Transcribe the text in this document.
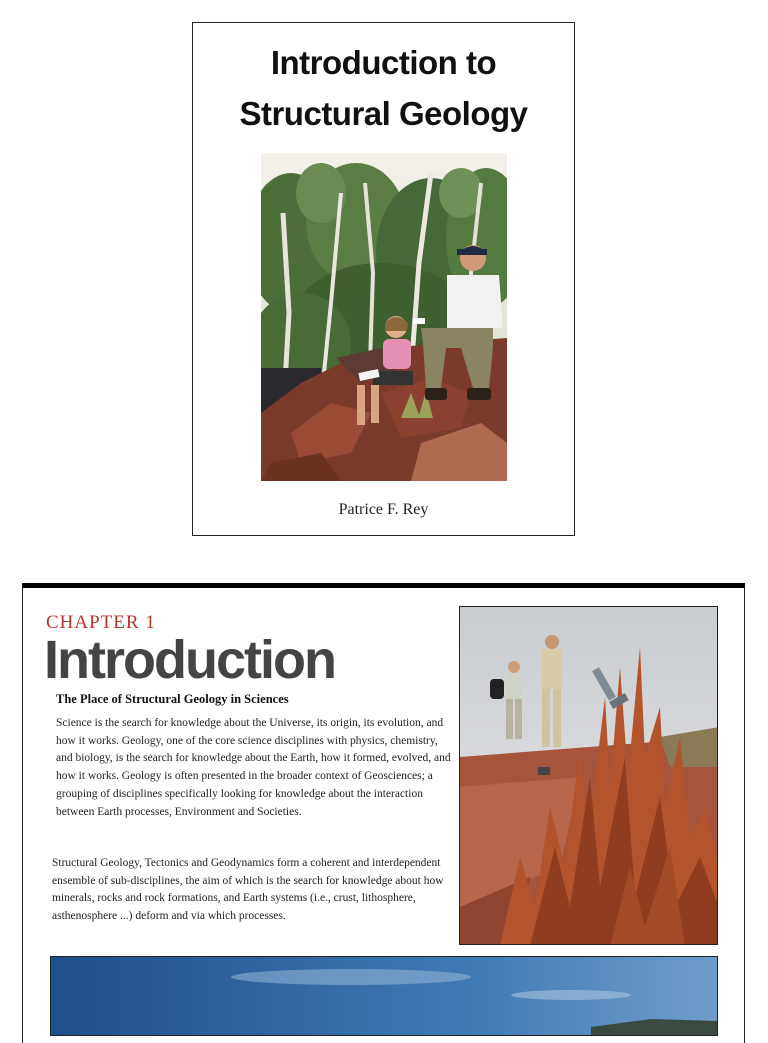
Introduction to
Structural Geology
Patrice F. Rey
CHAPTER 1
Introduction
The Place of Structural Geology in Sciences

Science is the search for knowledge about the Universe, its origin, its evolution, and how it works. Geology, one of the core science disciplines with physics, chemistry, and biology, is the search for knowledge about the Earth, how it formed, evolved, and how it works. Geology is often presented in the broader context of Geosciences; a grouping of disciplines specifically looking for knowledge about the interaction between Earth processes, Environment and Societies.

Structural Geology, Tectonics and Geodynamics form a coherent and interdependent ensemble of sub-disciplines, the aim of which is the search for knowledge about how minerals, rocks and rock formations, and Earth systems (i.e., crust, lithosphere, asthenosphere ...) deform and via which processes.
